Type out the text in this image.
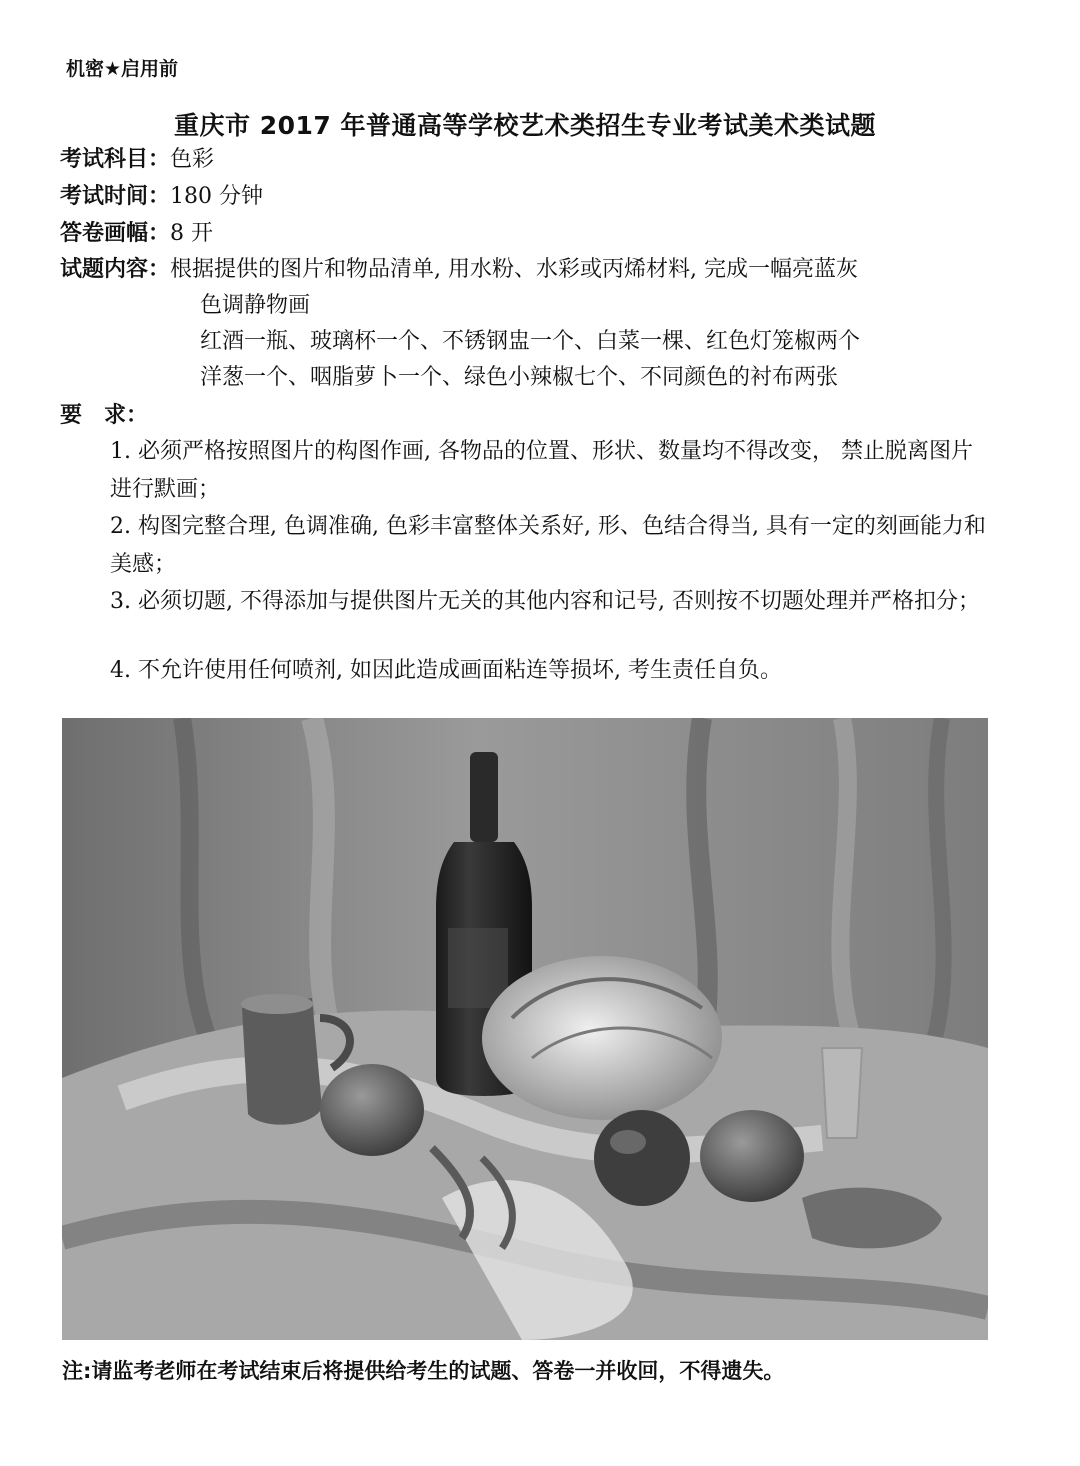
机密★启用前
重庆市 2017 年普通高等学校艺术类招生专业考试美术类试题
考试科目：色彩
考试时间：180 分钟
答卷画幅：8 开
试题内容：根据提供的图片和物品清单, 用水粉、水彩或丙烯材料, 完成一幅亮蓝灰
色调静物画
红酒一瓶、玻璃杯一个、不锈钢盅一个、白菜一棵、红色灯笼椒两个
洋葱一个、咽脂萝卜一个、绿色小辣椒七个、不同颜色的衬布两张
要　求：
1. 必须严格按照图片的构图作画, 各物品的位置、形状、数量均不得改变， 禁止脱离图片进行默画；
2. 构图完整合理, 色调准确, 色彩丰富整体关系好, 形、色结合得当, 具有一定的刻画能力和美感；
3. 必须切题, 不得添加与提供图片无关的其他内容和记号, 否则按不切题处理并严格扣分；
4. 不允许使用任何喷剂, 如因此造成画面粘连等损坏, 考生责任自负。
注:请监考老师在考试结束后将提供给考生的试题、答卷一并收回，不得遗失。
